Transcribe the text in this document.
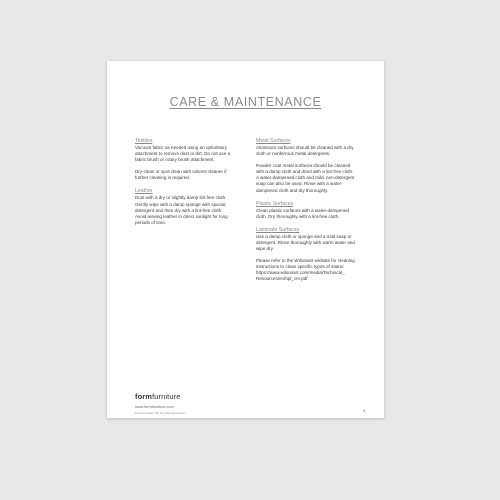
CARE & MAINTENANCE
Textiles
Vacuum fabric as needed using an upholstery
attachment to remove dust or dirt. Do not use a
fabric brush or rotary brush attachment.
Dry-clean or spot clean with solvent cleaner if
further cleaning is required.
Leather
Dust with a dry or slightly damp lint free cloth.
Gently wipe with a damp sponge with special
detergent and then dry with a lint-free cloth.
Avoid leaving leather in direct sunlight for long
periods of time.
Metal Surfaces
Aluminum surfaces should be cleaned with a dry
cloth or nonferrous metal detergents.
Powder coat metal surfaces should be cleaned
with a damp cloth and dried with a lint-free cloth.
A water-dampened cloth and mild, non-detergent
soap can also be used. Rinse with a water-
dampened cloth and dry thoroughly.
Plastic Surfaces
Clean plastic surfaces with a water-dampened
cloth. Dry thoroughly with a lint-free cloth.
Laminate Surfaces
Use a damp cloth or sponge and a mild soap or
detergent. Rinse thoroughly with warm water and
wipe dry.
Please refer to the Wilsonart website for cleaning
instructions to clean specific types of stains:
https://www.wilsonart.com/media/Technical_
Resources/en/hpl_cm.pdf
formfurniture
www.formfurniture.com
Form Furniture Pty Ltd Suite Reserved	1
